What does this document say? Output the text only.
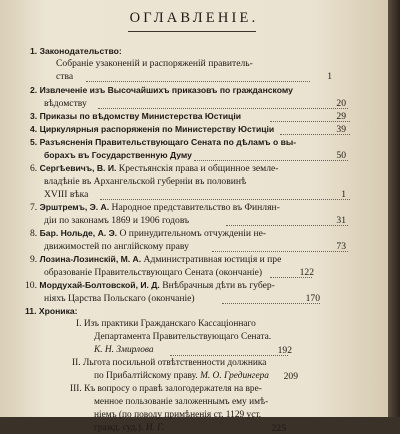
ОГЛАВЛЕНІЕ.
1. Законодательство:
Собраніе узаконеній и распоряженій правитель-
ства	1
2. Извлеченіе изъ Высочайшихъ приказовъ по гражданскому
вѣдомству	20
3. Приказы по вѣдомству Министерства Юстиціи	29
4. Циркулярныя распоряженія по Министерству Юстиціи	39
5. Разъясненія Правительствующаго Сената по дѣламъ о вы-
борахъ въ Государственную Думу	50
6. Сергѣевичъ, В. И. Крестьянскія права и общинное земле-
владѣніе въ Архангельской губерніи въ половинѣ
XVIII вѣка	1
7. Эрштремъ, Э. А. Народное представительство въ Финлян-
діи по законамъ 1869 и 1906 годовъ	31
8. Бар. Нольде, А. Э. О принудительномъ отчужденіи не-
движимостей по англійскому праву	73
9. Лозина-Лозинскій, М. А. Административная юстиція и пре
образованіе Правительствующаго Сената (окончаніе)	122
10. Мордухай-Болтовской, И. Д. Внѣбрачныя дѣти въ губер-
ніяхъ Царства Польскаго (окончаніе)	170
11. Хроника:
I. Изъ практики Гражданскаго Кассаціоннаго
Департамента Правительствующаго Сената.
К. Н. Змирлова	192
II. Льгота посильной отвѣтственности должника
по Прибалтійскому праву. М. О. Гредингера	209
III. Къ вопросу о правѣ залогодержателя на вре-
менное пользованіе заложеннымъ ему имѣ-
ніемъ (по поводу примѣненія ст. 1129 уст.
гражд. суд.). И. Г.	225
